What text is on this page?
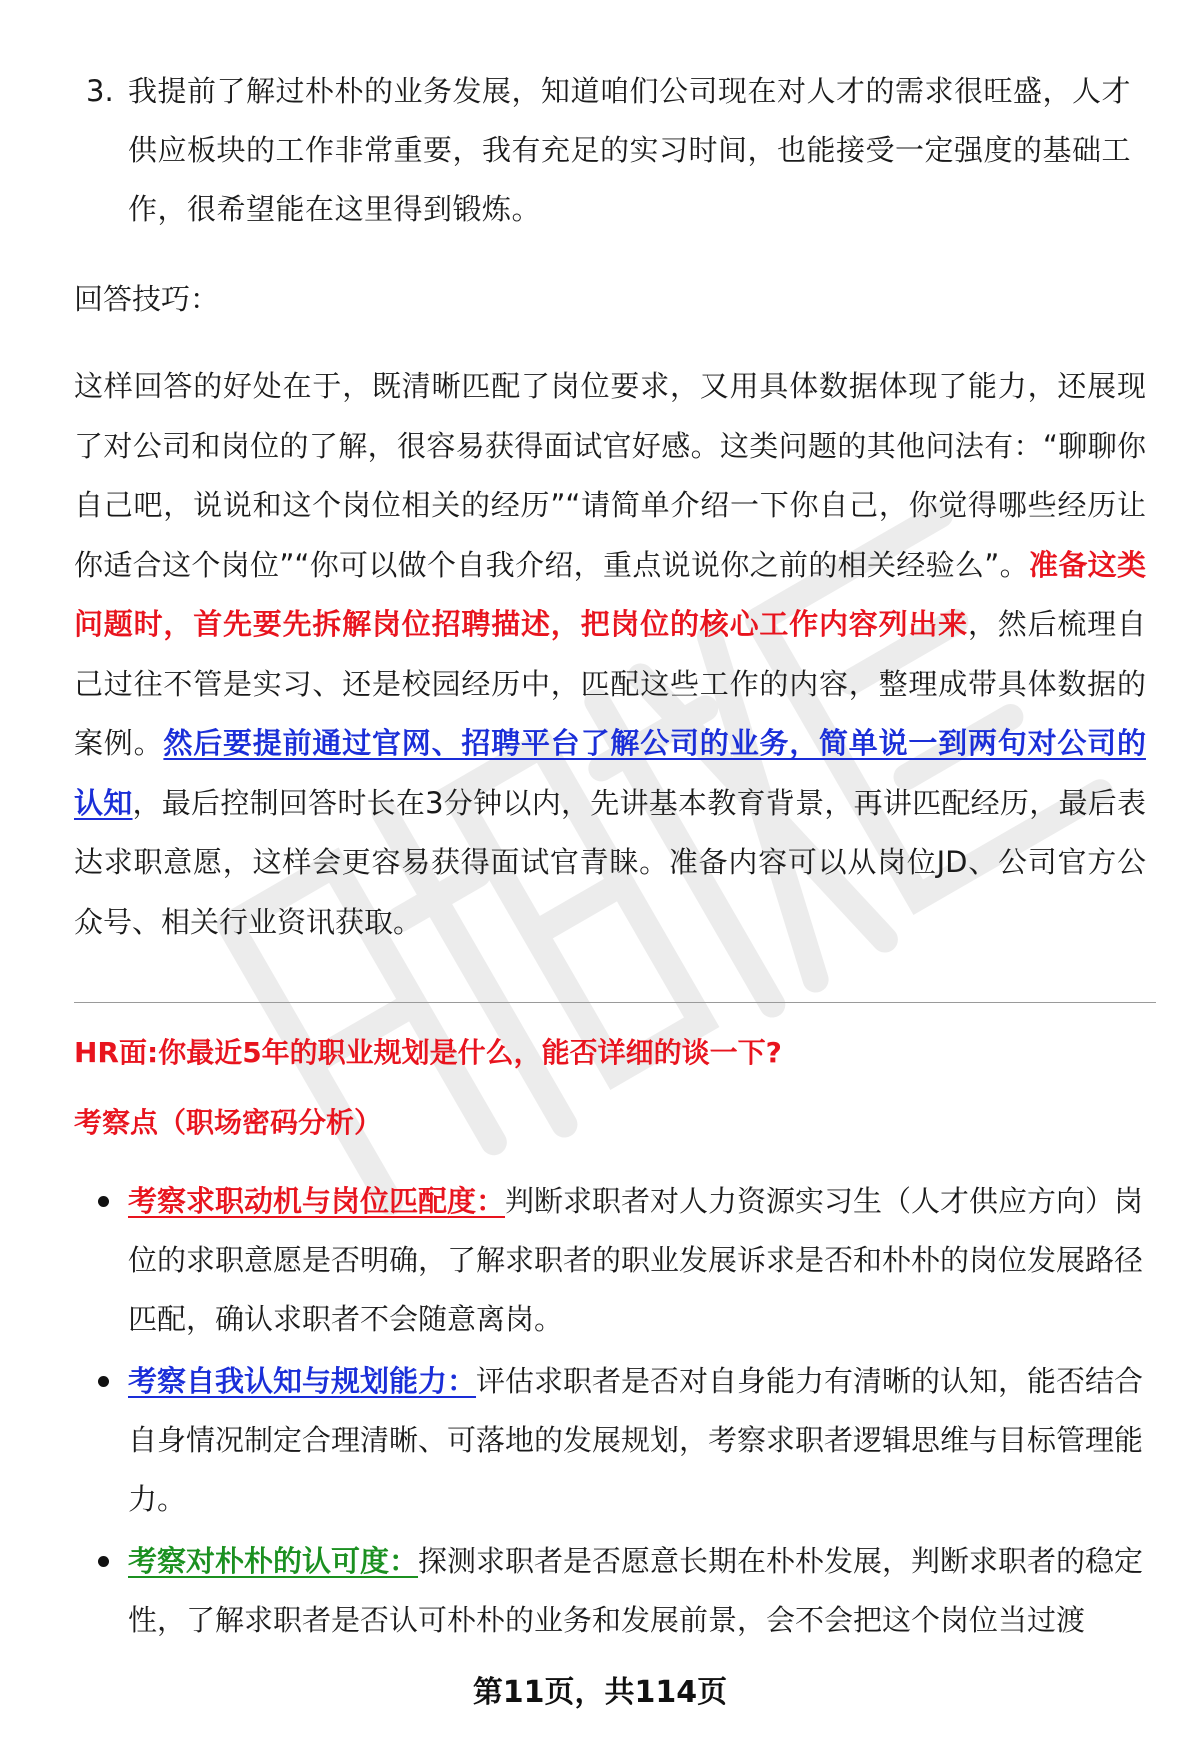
3. 我提前了解过朴朴的业务发展，知道咱们公司现在对人才的需求很旺盛，人才供应板块的工作非常重要，我有充足的实习时间，也能接受一定强度的基础工作，很希望能在这里得到锻炼。
回答技巧：
这样回答的好处在于，既清晰匹配了岗位要求，又用具体数据体现了能力，还展现了对公司和岗位的了解，很容易获得面试官好感。这类问题的其他问法有：“聊聊你自己吧，说说和这个岗位相关的经历”“请简单介绍一下你自己，你觉得哪些经历让你适合这个岗位”“你可以做个自我介绍，重点说说你之前的相关经验么”。准备这类问题时，首先要先拆解岗位招聘描述，把岗位的核心工作内容列出来，然后梳理自己过往不管是实习、还是校园经历中，匹配这些工作的内容，整理成带具体数据的案例。然后要提前通过官网、招聘平台了解公司的业务，简单说一到两句对公司的认知，最后控制回答时长在3分钟以内，先讲基本教育背景，再讲匹配经历，最后表达求职意愿，这样会更容易获得面试官青睐。准备内容可以从岗位JD、公司官方公众号、相关行业资讯获取。
HR面:你最近5年的职业规划是什么，能否详细的谈一下?
考察点（职场密码分析）
考察求职动机与岗位匹配度：判断求职者对人力资源实习生（人才供应方向）岗位的求职意愿是否明确，了解求职者的职业发展诉求是否和朴朴的岗位发展路径匹配，确认求职者不会随意离岗。
考察自我认知与规划能力：评估求职者是否对自身能力有清晰的认知，能否结合自身情况制定合理清晰、可落地的发展规划，考察求职者逻辑思维与目标管理能力。
考察对朴朴的认可度：探测求职者是否愿意长期在朴朴发展，判断求职者的稳定性，了解求职者是否认可朴朴的业务和发展前景，会不会把这个岗位当过渡
第11页，共114页
